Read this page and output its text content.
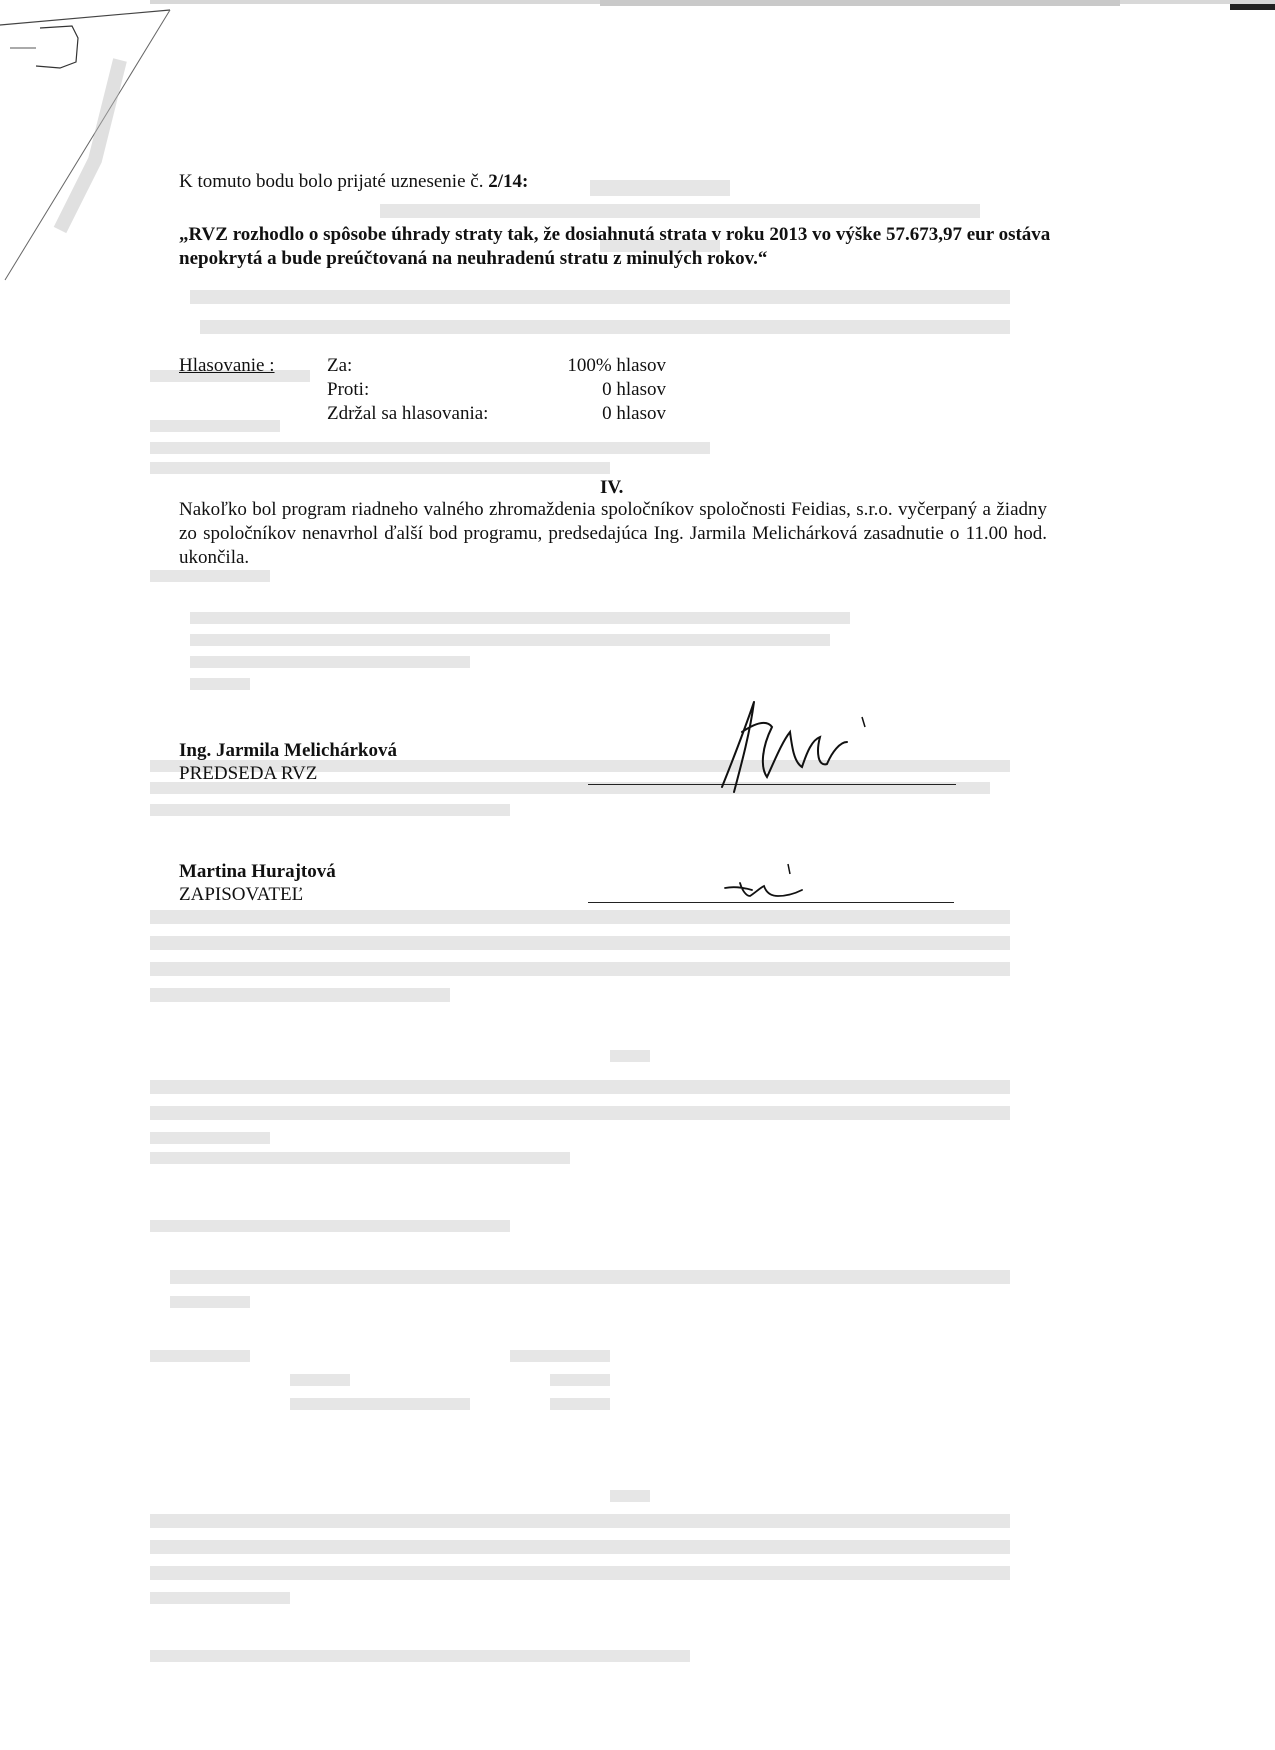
K tomuto bodu bolo prijaté uznesenie č. 2/14:
„RVZ rozhodlo o spôsobe úhrady straty tak, že dosiahnutá strata v roku 2013 vo výške 57.673,97 eur ostáva nepokrytá a bude preúčtovaná na neuhradenú stratu z minulých rokov.“
Hlasovanie :	Za:	100% hlasov
Proti:	0 hlasov
Zdržal sa hlasovania:	0 hlasov
IV.
Nakoľko bol program riadneho valného zhromaždenia spoločníkov spoločnosti Feidias, s.r.o. vyčerpaný a žiadny zo spoločníkov nenavrhol ďalší bod programu, predsedajúca Ing. Jarmila Melichárková zasadnutie o 11.00 hod. ukončila.
Ing. Jarmila Melichárková
PREDSEDA RVZ
Martina Hurajtová
ZAPISOVATEĽ
